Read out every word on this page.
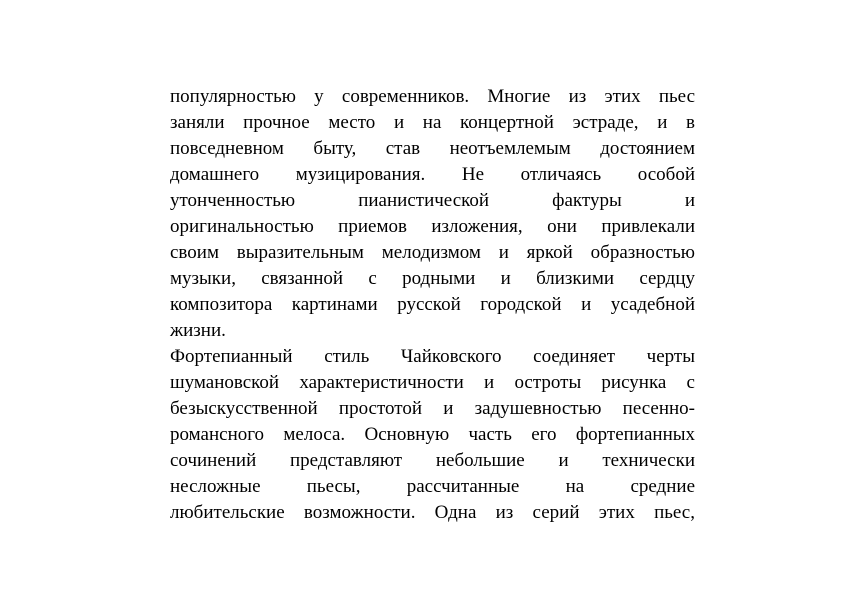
популярностью у современников. Многие из этих пьес
заняли прочное место и на концертной эстраде, и в
повседневном быту, став неотъемлемым достоянием
домашнего музицирования. Не отличаясь особой
утонченностью пианистической фактуры и
оригинальностью приемов изложения, они привлекали
своим выразительным мелодизмом и яркой образностью
музыки, связанной с родными и близкими сердцу
композитора картинами русской городской и усадебной
жизни.
Фортепианный стиль Чайковского соединяет черты
шумановской характеристичности и остроты рисунка с
безыскусственной простотой и задушевностью песенно-
романсного мелоса. Основную часть его фортепианных
сочинений представляют небольшие и технически
несложные пьесы, рассчитанные на средние
любительские возможности. Одна из серий этих пьес,
